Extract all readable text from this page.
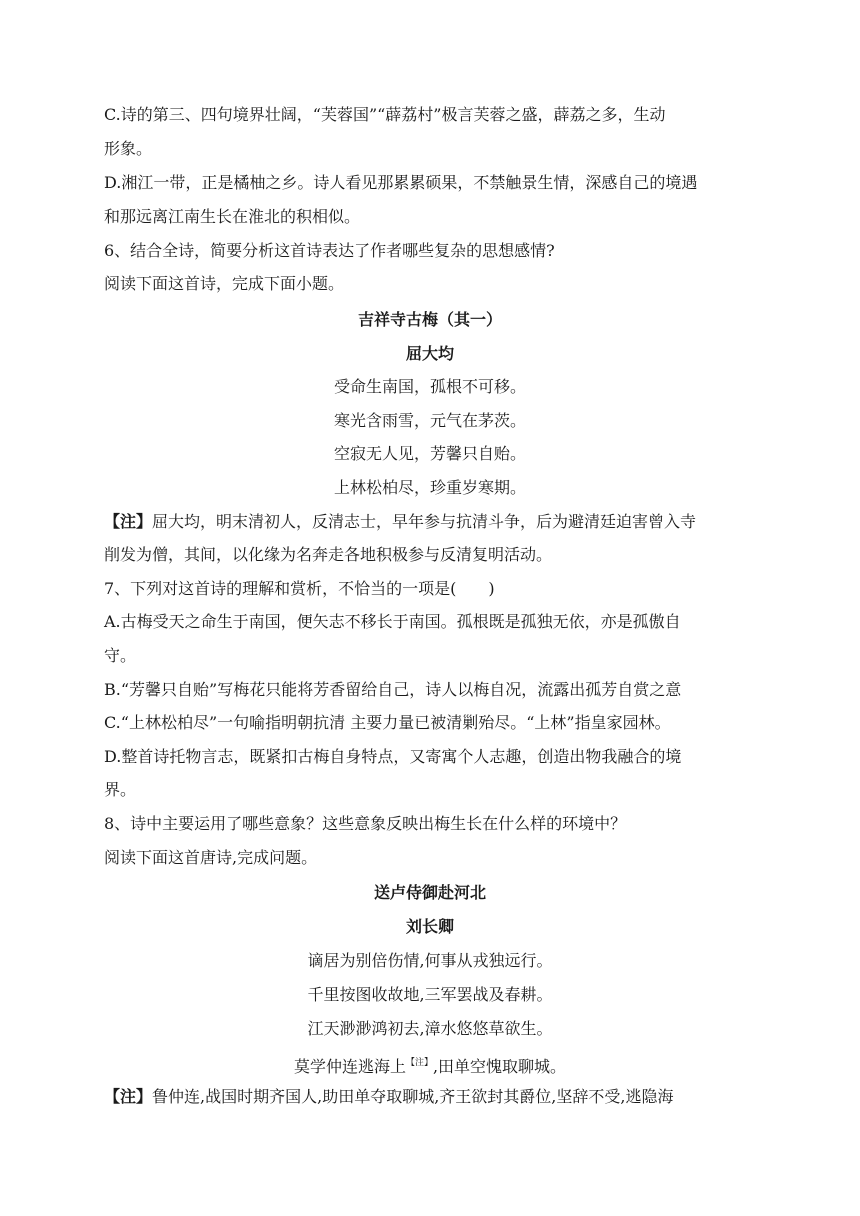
C.诗的第三、四句境界壮阔，“芙蓉国”“薜荔村”极言芙蓉之盛，薜荔之多，生动
形象。
D.湘江一带，正是橘柚之乡。诗人看见那累累硕果，不禁触景生情，深感自己的境遇
和那远离江南生长在淮北的积相似。
6、结合全诗，简要分析这首诗表达了作者哪些复杂的思想感情?
阅读下面这首诗，完成下面小题。
吉祥寺古梅（其一）
屈大均
受命生南国，孤根不可移。
寒光含雨雪，元气在茅茨。
空寂无人见，芳馨只自贻。
上林松柏尽，珍重岁寒期。
【注】屈大均，明末清初人，反清志士，早年参与抗清斗争，后为避清廷迫害曾入寺
削发为僧，其间，以化缘为名奔走各地积极参与反清复明活动。
7、下列对这首诗的理解和赏析，不恰当的一项是(　　)
A.古梅受天之命生于南国，便矢志不移长于南国。孤根既是孤独无依，亦是孤傲自
守。
B.“芳馨只自贻”写梅花只能将芳香留给自己，诗人以梅自况，流露出孤芳自赏之意
C.“上林松柏尽”一句喻指明朝抗清 主要力量已被清剿殆尽。“上林”指皇家园林。
D.整首诗托物言志，既紧扣古梅自身特点，又寄寓个人志趣，创造出物我融合的境
界。
8、诗中主要运用了哪些意象？这些意象反映出梅生长在什么样的环境中？
阅读下面这首唐诗,完成问题。
送卢侍御赴河北
刘长卿
谪居为别倍伤情,何事从戎独远行。
千里按图收故地,三军罢战及春耕。
江天渺渺鸿初去,漳水悠悠草欲生。
莫学仲连逃海上$^{【注】}$,田单空愧取聊城。
【注】鲁仲连,战国时期齐国人,助田单夺取聊城,齐王欲封其爵位,坚辞不受,逃隐海
